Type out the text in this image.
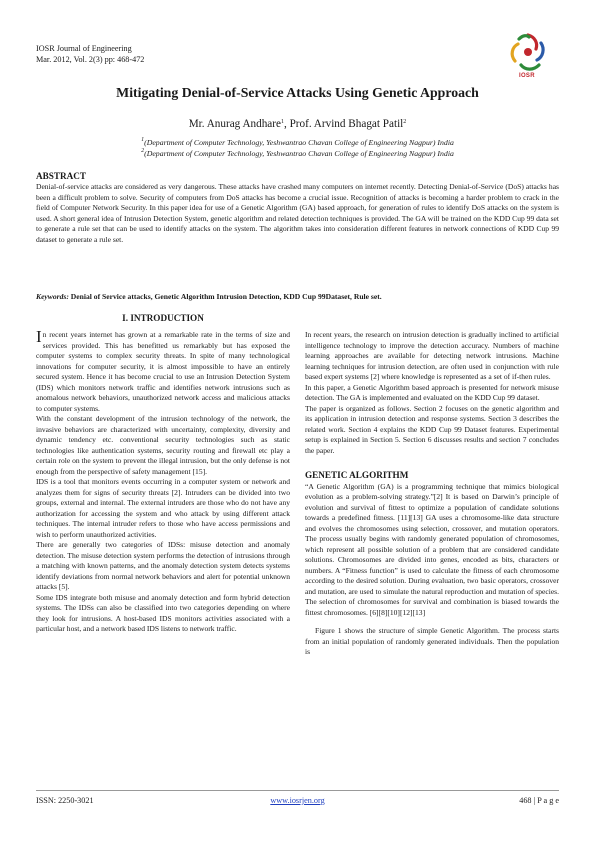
IOSR Journal of Engineering
Mar. 2012, Vol. 2(3) pp: 468-472
IOSR
Mitigating Denial-of-Service Attacks Using Genetic Approach
Mr. Anurag Andhare$^1$, Prof. Arvind Bhagat Patil$^2$
$^1$(Department of Computer Technology, Yeshwantrao Chavan College of Engineering Nagpur) India
$^2$(Department of Computer Technology, Yeshwantrao Chavan College of Engineering Nagpur) India
ABSTRACT
Denial-of-service attacks are considered as very dangerous. These attacks have crashed many computers on internet recently. Detecting Denial-of-Service (DoS) attacks has been a difficult problem to solve. Security of computers from DoS attacks has become a crucial issue. Recognition of attacks is becoming a harder problem to crack in the field of Computer Network Security. In this paper idea for use of a Genetic Algorithm (GA) based approach, for generation of rules to identify DoS attacks on the system is used. A short general idea of Intrusion Detection System, genetic algorithm and related detection techniques is provided. The GA will be trained on the KDD Cup 99 data set to generate a rule set that can be used to identify attacks on the system. The algorithm takes into consideration different features in network connections of KDD Cup 99 dataset to generate a rule set.
Keywords: Denial of Service attacks, Genetic Algorithm Intrusion Detection, KDD Cup 99Dataset, Rule set.
I. INTRODUCTION

In recent years internet has grown at a remarkable rate in the terms of size and services provided. This has benefitted us remarkably but has exposed the computer systems to complex security threats. In spite of many technological innovations for computer security, it is almost impossible to have an entirely secured system. Hence it has become crucial to use an Intrusion Detection System (IDS) which monitors network traffic and identifies network intrusions such as anomalous network behaviors, unauthorized network access and malicious attacks to computer systems.

With the constant development of the intrusion technology of the network, the invasive behaviors are characterized with uncertainty, complexity, diversity and dynamic tendency etc. conventional security technologies such as static technologies like authentication systems, security routing and firewall etc play a certain role on the system to prevent the illegal intrusion, but the only defense is not enough from the perspective of safety management [15].

IDS is a tool that monitors events occurring in a computer system or network and analyzes them for signs of security threats [2]. Intruders can be divided into two groups, external and internal. The external intruders are those who do not have any authorization for accessing the system and who attack by using different attack techniques. The internal intruder refers to those who have access permissions and wish to perform unauthorized activities.

There are generally two categories of IDSs: misuse detection and anomaly detection. The misuse detection system performs the detection of intrusions through a matching with known patterns, and the anomaly detection system detects systems identify deviations from normal network behaviors and alert for potential unknown attacks [5].

Some IDS integrate both misuse and anomaly detection and form hybrid detection systems. The IDSs can also be classified into two categories depending on where they look for intrusions. A host-based IDS monitors activities associated with a particular host, and a network based IDS listens to network traffic.

In recent years, the research on intrusion detection is gradually inclined to artificial intelligence technology to improve the detection accuracy. Numbers of machine learning approaches are available for detecting network intrusions. Machine learning techniques for intrusion detection, are often used in conjunction with rule based expert systems [2] where knowledge is represented as a set of if-then rules.

In this paper, a Genetic Algorithm based approach is presented for network misuse detection. The GA is implemented and evaluated on the KDD Cup 99 dataset.

The paper is organized as follows. Section 2 focuses on the genetic algorithm and its application in intrusion detection and response systems. Section 3 describes the related work. Section 4 explains the KDD Cup 99 Dataset features. Experimental setup is explained in Section 5. Section 6 discusses results and section 7 concludes the paper.

GENETIC ALGORITHM

“A Genetic Algorithm (GA) is a programming technique that mimics biological evolution as a problem-solving strategy.”[2] It is based on Darwin’s principle of evolution and survival of fittest to optimize a population of candidate solutions towards a predefined fitness. [11][13] GA uses a chromosome-like data structure and evolves the chromosomes using selection, crossover, and mutation operators. The process usually begins with randomly generated population of chromosomes, which represent all possible solution of a problem that are considered candidate solutions. Chromosomes are divided into genes, encoded as bits, characters or numbers. A “Fitness function” is used to calculate the fitness of each chromosome according to the desired solution. During evaluation, two basic operators, crossover and mutation, are used to simulate the natural reproduction and mutation of species. The selection of chromosomes for survival and combination is biased towards the fittest chromosomes. [6][8][10][12][13]

Figure 1 shows the structure of simple Genetic Algorithm. The process starts from an initial population of randomly generated individuals. Then the population is

ISSN: 2250-3021	www.iosrjen.org	468 | P a g e
